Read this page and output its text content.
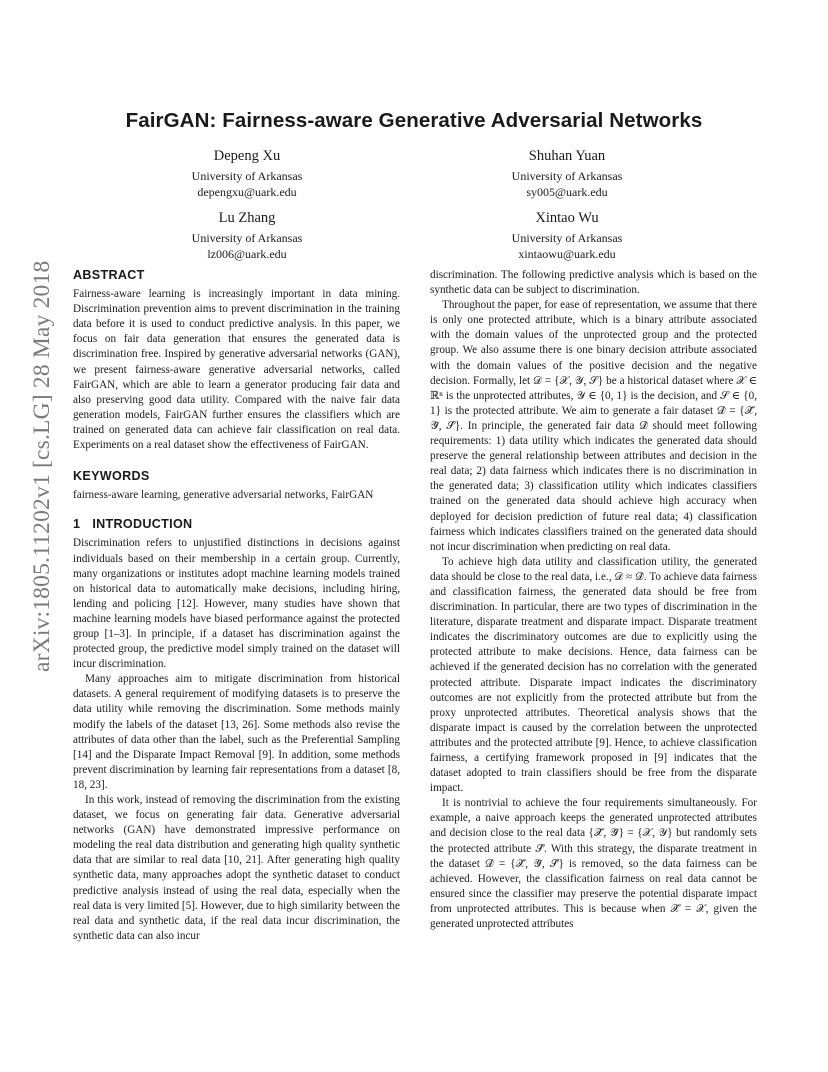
arXiv:1805.11202v1 [cs.LG] 28 May 2018
FairGAN: Fairness-aware Generative Adversarial Networks
Depeng Xu
University of Arkansas
depengxu@uark.edu
Shuhan Yuan
University of Arkansas
sy005@uark.edu
Lu Zhang
University of Arkansas
lz006@uark.edu
Xintao Wu
University of Arkansas
xintaowu@uark.edu
ABSTRACT

Fairness-aware learning is increasingly important in data mining. Discrimination prevention aims to prevent discrimination in the training data before it is used to conduct predictive analysis. In this paper, we focus on fair data generation that ensures the generated data is discrimination free. Inspired by generative adversarial networks (GAN), we present fairness-aware generative adversarial networks, called FairGAN, which are able to learn a generator producing fair data and also preserving good data utility. Compared with the naive fair data generation models, FairGAN further ensures the classifiers which are trained on generated data can achieve fair classification on real data. Experiments on a real dataset show the effectiveness of FairGAN.

KEYWORDS

fairness-aware learning, generative adversarial networks, FairGAN

1 INTRODUCTION

Discrimination refers to unjustified distinctions in decisions against individuals based on their membership in a certain group. Currently, many organizations or institutes adopt machine learning models trained on historical data to automatically make decisions, including hiring, lending and policing [12]. However, many studies have shown that machine learning models have biased performance against the protected group [1–3]. In principle, if a dataset has discrimination against the protected group, the predictive model simply trained on the dataset will incur discrimination.

Many approaches aim to mitigate discrimination from historical datasets. A general requirement of modifying datasets is to preserve the data utility while removing the discrimination. Some methods mainly modify the labels of the dataset [13, 26]. Some methods also revise the attributes of data other than the label, such as the Preferential Sampling [14] and the Disparate Impact Removal [9]. In addition, some methods prevent discrimination by learning fair representations from a dataset [8, 18, 23].

In this work, instead of removing the discrimination from the existing dataset, we focus on generating fair data. Generative adversarial networks (GAN) have demonstrated impressive performance on modeling the real data distribution and generating high quality synthetic data that are similar to real data [10, 21]. After generating high quality synthetic data, many approaches adopt the synthetic dataset to conduct predictive analysis instead of using the real data, especially when the real data is very limited [5]. However, due to high similarity between the real data and synthetic data, if the real data incur discrimination, the synthetic data can also incur

discrimination. The following predictive analysis which is based on the synthetic data can be subject to discrimination.

Throughout the paper, for ease of representation, we assume that there is only one protected attribute, which is a binary attribute associated with the domain values of the unprotected group and the protected group. We also assume there is one binary decision attribute associated with the domain values of the positive decision and the negative decision. Formally, let 𝒟 = {𝒳, 𝒴, 𝒮} be a historical dataset where 𝒳 ∈ ℝⁿ is the unprotected attributes, 𝒴 ∈ {0, 1} is the decision, and 𝒮 ∈ {0, 1} is the protected attribute. We aim to generate a fair dataset 𝒟̂ = {𝒳̂, 𝒴̂, 𝒮̂}. In principle, the generated fair data 𝒟̂ should meet following requirements: 1) data utility which indicates the generated data should preserve the general relationship between attributes and decision in the real data; 2) data fairness which indicates there is no discrimination in the generated data; 3) classification utility which indicates classifiers trained on the generated data should achieve high accuracy when deployed for decision prediction of future real data; 4) classification fairness which indicates classifiers trained on the generated data should not incur discrimination when predicting on real data.

To achieve high data utility and classification utility, the generated data should be close to the real data, i.e., 𝒟 ≈ 𝒟̂. To achieve data fairness and classification fairness, the generated data should be free from discrimination. In particular, there are two types of discrimination in the literature, disparate treatment and disparate impact. Disparate treatment indicates the discriminatory outcomes are due to explicitly using the protected attribute to make decisions. Hence, data fairness can be achieved if the generated decision has no correlation with the generated protected attribute. Disparate impact indicates the discriminatory outcomes are not explicitly from the protected attribute but from the proxy unprotected attributes. Theoretical analysis shows that the disparate impact is caused by the correlation between the unprotected attributes and the protected attribute [9]. Hence, to achieve classification fairness, a certifying framework proposed in [9] indicates that the dataset adopted to train classifiers should be free from the disparate impact.

It is nontrivial to achieve the four requirements simultaneously. For example, a naive approach keeps the generated unprotected attributes and decision close to the real data {𝒳̂, 𝒴̂} = {𝒳, 𝒴} but randomly sets the protected attribute 𝒮̂. With this strategy, the disparate treatment in the dataset 𝒟̂ = {𝒳̂, 𝒴̂, 𝒮̂} is removed, so the data fairness can be achieved. However, the classification fairness on real data cannot be ensured since the classifier may preserve the potential disparate impact from unprotected attributes. This is because when 𝒳̂ = 𝒳, given the generated unprotected attributes
